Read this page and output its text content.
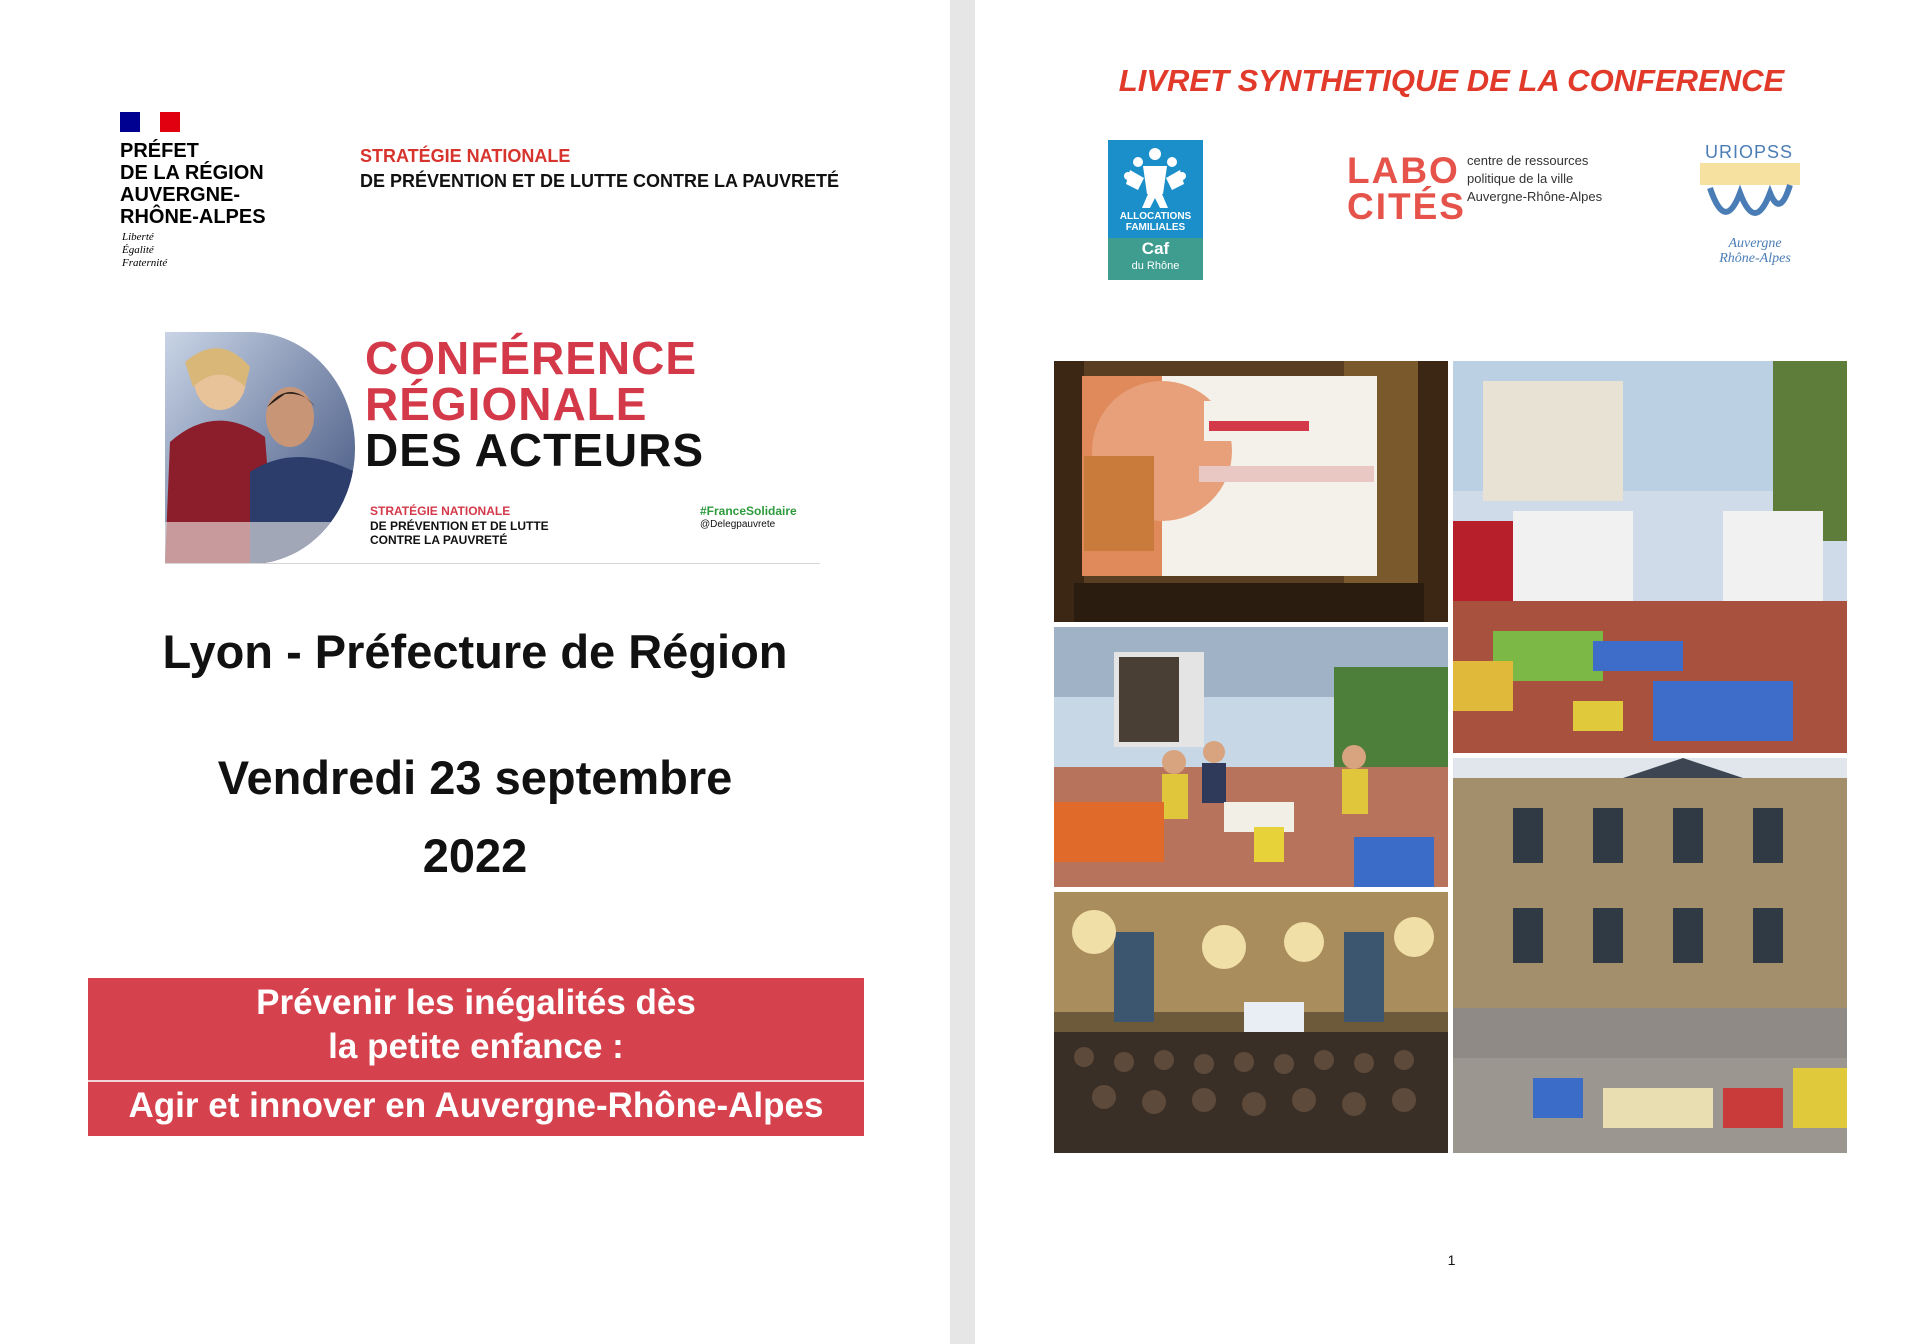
PRÉFET
DE LA RÉGION
AUVERGNE-
RHÔNE-ALPES
Liberté
Égalité
Fraternité
STRATÉGIE NATIONALE
DE PRÉVENTION ET DE LUTTE CONTRE LA PAUVRETÉ
CONFÉRENCE
RÉGIONALE
DES ACTEURS
STRATÉGIE NATIONALE
DE PRÉVENTION ET DE LUTTE CONTRE LA PAUVRETÉ
#FranceSolidaire
@Delegpauvrete
Lyon - Préfecture de Région
Vendredi 23 septembre
2022
Prévenir les inégalités dès
la petite enfance :
Agir et innover en Auvergne-Rhône-Alpes
LIVRET SYNTHETIQUE DE LA CONFERENCE
ALLOCATIONS FAMILIALES
Caf
du Rhône
LABO
CITÉS
centre de ressources
politique de la ville
Auvergne-Rhône-Alpes
URIOPSS
Auvergne
Rhône-Alpes
1
